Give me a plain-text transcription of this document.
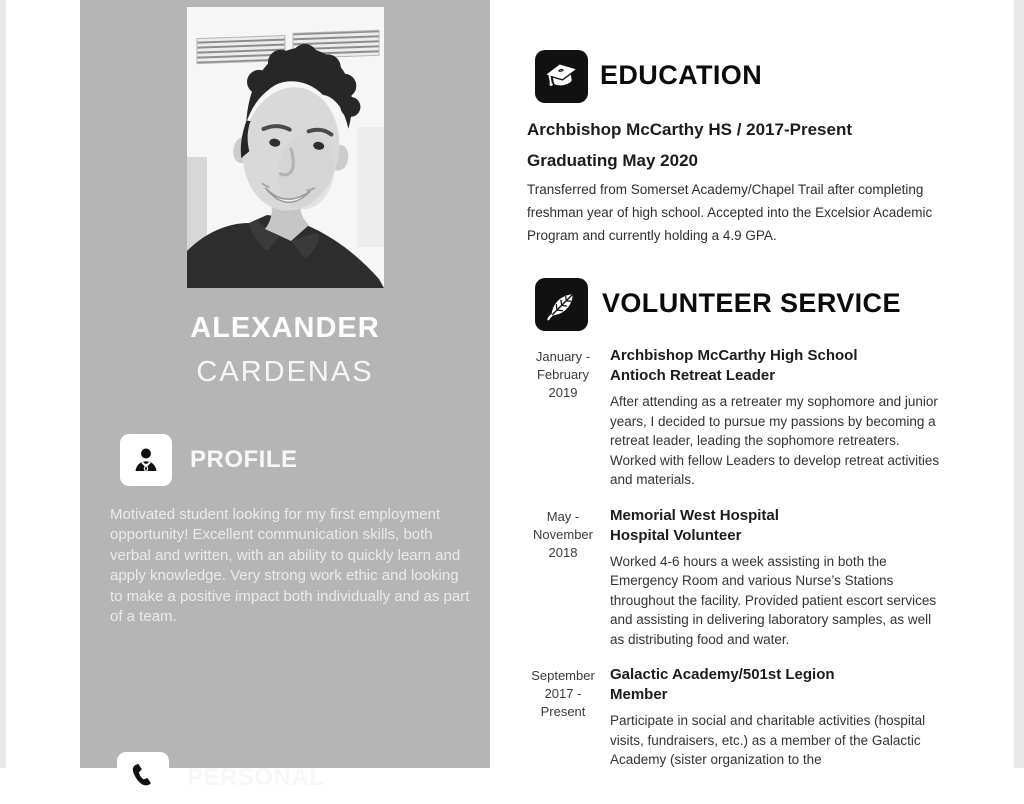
ALEXANDER
CARDENAS
PROFILE
Motivated student looking for my first employment opportunity! Excellent communication skills, both verbal and written, with an ability to quickly learn and apply knowledge. Very strong work ethic and looking to make a positive impact both individually and as part of a team.
PERSONAL
EDUCATION
Archbishop McCarthy HS / 2017-Present
Graduating May 2020
Transferred from Somerset Academy/Chapel Trail after completing freshman year of high school. Accepted into the Excelsior Academic Program and currently holding a 4.9 GPA.
VOLUNTEER SERVICE
January - February 2019
Archbishop McCarthy High School
Antioch Retreat Leader
After attending as a retreater my sophomore and junior years, I decided to pursue my passions by becoming a retreat leader, leading the sophomore retreaters. Worked with fellow Leaders to develop retreat activities and materials.
May - November 2018
Memorial West Hospital
Hospital Volunteer
Worked 4-6 hours a week assisting in both the Emergency Room and various Nurse’s Stations throughout the facility. Provided patient escort services and assisting in delivering laboratory samples, as well as distributing food and water.
September 2017 - Present
Galactic Academy/501st Legion
Member
Participate in social and charitable activities (hospital visits, fundraisers, etc.) as a member of the Galactic Academy (sister organization to the
